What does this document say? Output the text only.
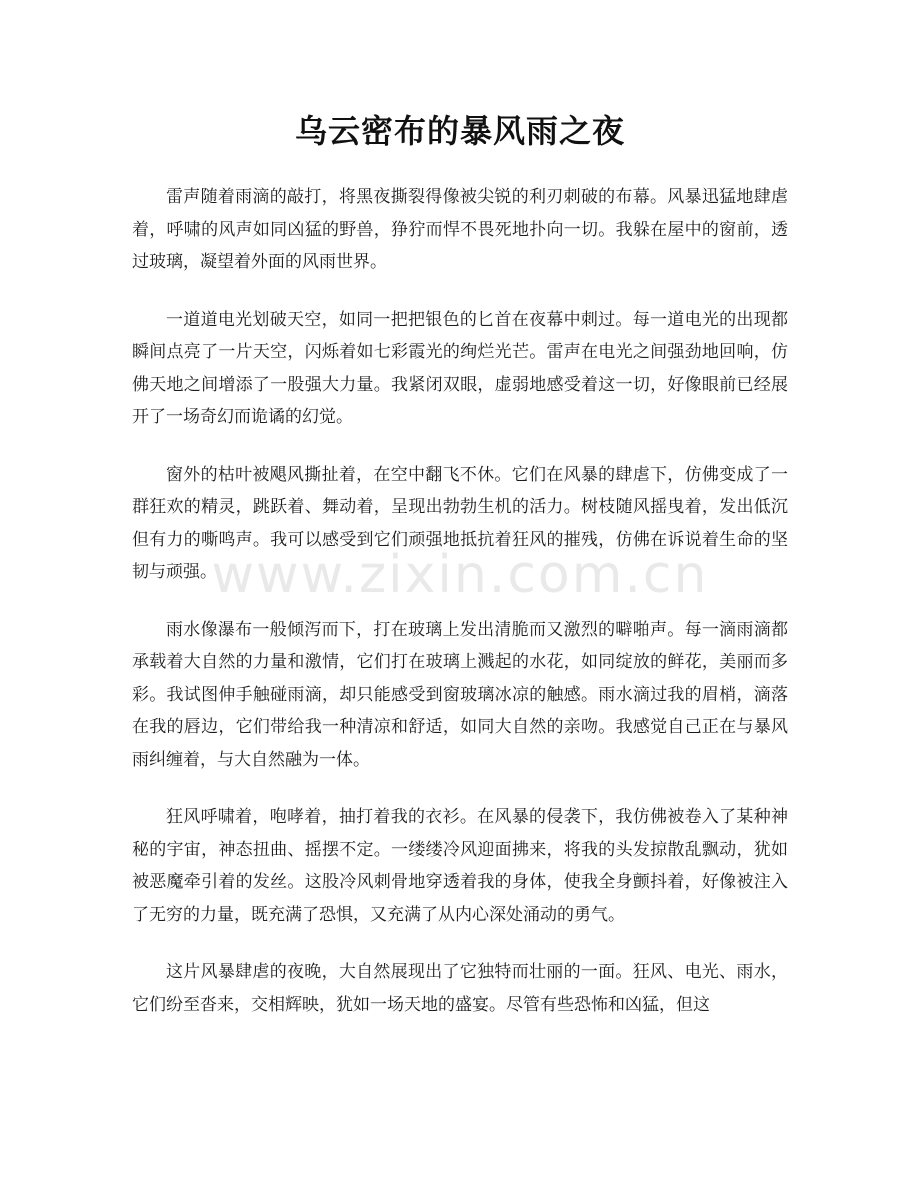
乌云密布的暴风雨之夜

雷声随着雨滴的敲打，将黑夜撕裂得像被尖锐的利刃刺破的布幕。风暴迅猛地肆虐着，呼啸的风声如同凶猛的野兽，狰狞而悍不畏死地扑向一切。我躲在屋中的窗前，透过玻璃，凝望着外面的风雨世界。

一道道电光划破天空，如同一把把银色的匕首在夜幕中刺过。每一道电光的出现都瞬间点亮了一片天空，闪烁着如七彩霞光的绚烂光芒。雷声在电光之间强劲地回响，仿佛天地之间增添了一股强大力量。我紧闭双眼，虚弱地感受着这一切，好像眼前已经展开了一场奇幻而诡谲的幻觉。

窗外的枯叶被飓风撕扯着，在空中翻飞不休。它们在风暴的肆虐下，仿佛变成了一群狂欢的精灵，跳跃着、舞动着，呈现出勃勃生机的活力。树枝随风摇曳着，发出低沉但有力的嘶鸣声。我可以感受到它们顽强地抵抗着狂风的摧残，仿佛在诉说着生命的坚韧与顽强。

雨水像瀑布一般倾泻而下，打在玻璃上发出清脆而又激烈的噼啪声。每一滴雨滴都承载着大自然的力量和激情，它们打在玻璃上溅起的水花，如同绽放的鲜花，美丽而多彩。我试图伸手触碰雨滴，却只能感受到窗玻璃冰凉的触感。雨水滴过我的眉梢，滴落在我的唇边，它们带给我一种清凉和舒适，如同大自然的亲吻。我感觉自己正在与暴风雨纠缠着，与大自然融为一体。

狂风呼啸着，咆哮着，抽打着我的衣衫。在风暴的侵袭下，我仿佛被卷入了某种神秘的宇宙，神态扭曲、摇摆不定。一缕缕冷风迎面拂来，将我的头发掠散乱飘动，犹如被恶魔牵引着的发丝。这股冷风刺骨地穿透着我的身体，使我全身颤抖着，好像被注入了无穷的力量，既充满了恐惧，又充满了从内心深处涌动的勇气。

这片风暴肆虐的夜晚，大自然展现出了它独特而壮丽的一面。狂风、电光、雨水，它们纷至沓来，交相辉映，犹如一场天地的盛宴。尽管有些恐怖和凶猛，但这

www.zixin.com.cn
